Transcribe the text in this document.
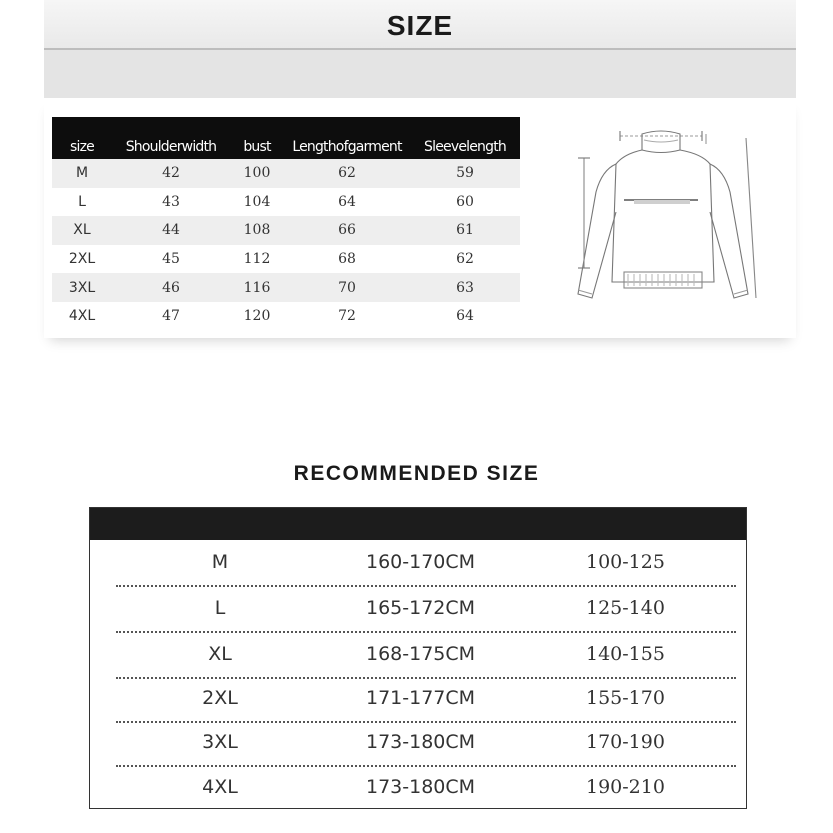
SIZE
size	Shoulderwidth	bust	Lengthofgarment	Sleevelength
M	42	100	62	59
L	43	104	64	60
XL	44	108	66	61
2XL	45	112	68	62
3XL	46	116	70	63
4XL	47	120	72	64
RECOMMENDED SIZE
M	160-170CM	100-125
L	165-172CM	125-140
XL	168-175CM	140-155
2XL	171-177CM	155-170
3XL	173-180CM	170-190
4XL	173-180CM	190-210
